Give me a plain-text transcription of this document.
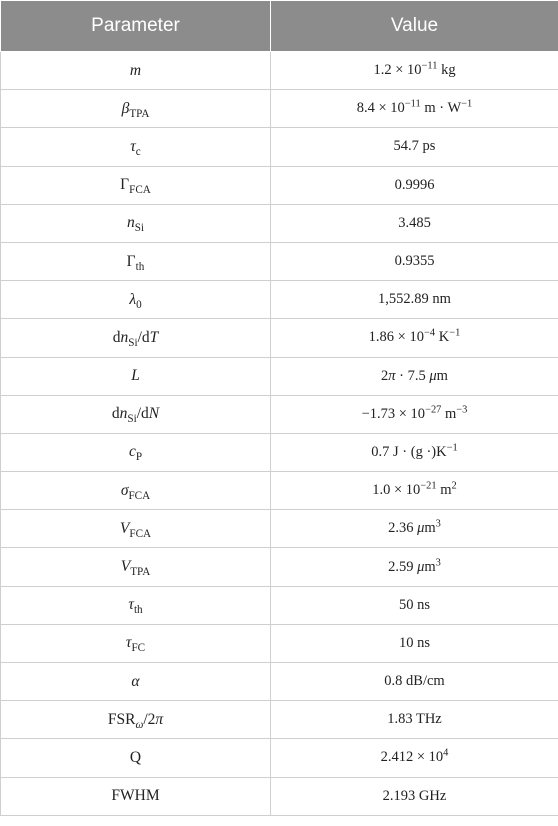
Parameter	Value
m	$1.2 \times 10^{-11}$ kg
$\beta_{TPA}$	$8.4 \times 10^{-11}$ $m \cdot W^{-1}$
$\tau_c$	54.7 ps
$\Gamma_{FCA}$	0.9996
$n_{Si}$	3.485
$\Gamma_{th}$	0.9355
$\lambda_0$	1,552.89 nm
$dn_{Si}/dT$	$1.86 \times 10^{-4}$ $K^{-1}$
L	2π · 7.5 μm
$dn_{Si}/dN$	$-1.73 \times 10^{-27}$ $m^{-3}$
$c_P$	0.7 $J \cdot (g \cdot)K^{-1}$
$\sigma_{FCA}$	$1.0 \times 10^{-21}$ $m^2$
$V_{FCA}$	2.36 $\mu m^3$
$V_{TPA}$	2.59 $\mu m^3$
$\tau_{th}$	50 ns
$\tau_{FC}$	10 ns
α	0.8 dB/cm
$FSR_\omega/2\pi$	1.83 THz
Q	$2.412 \times 10^4$
FWHM	2.193 GHz
